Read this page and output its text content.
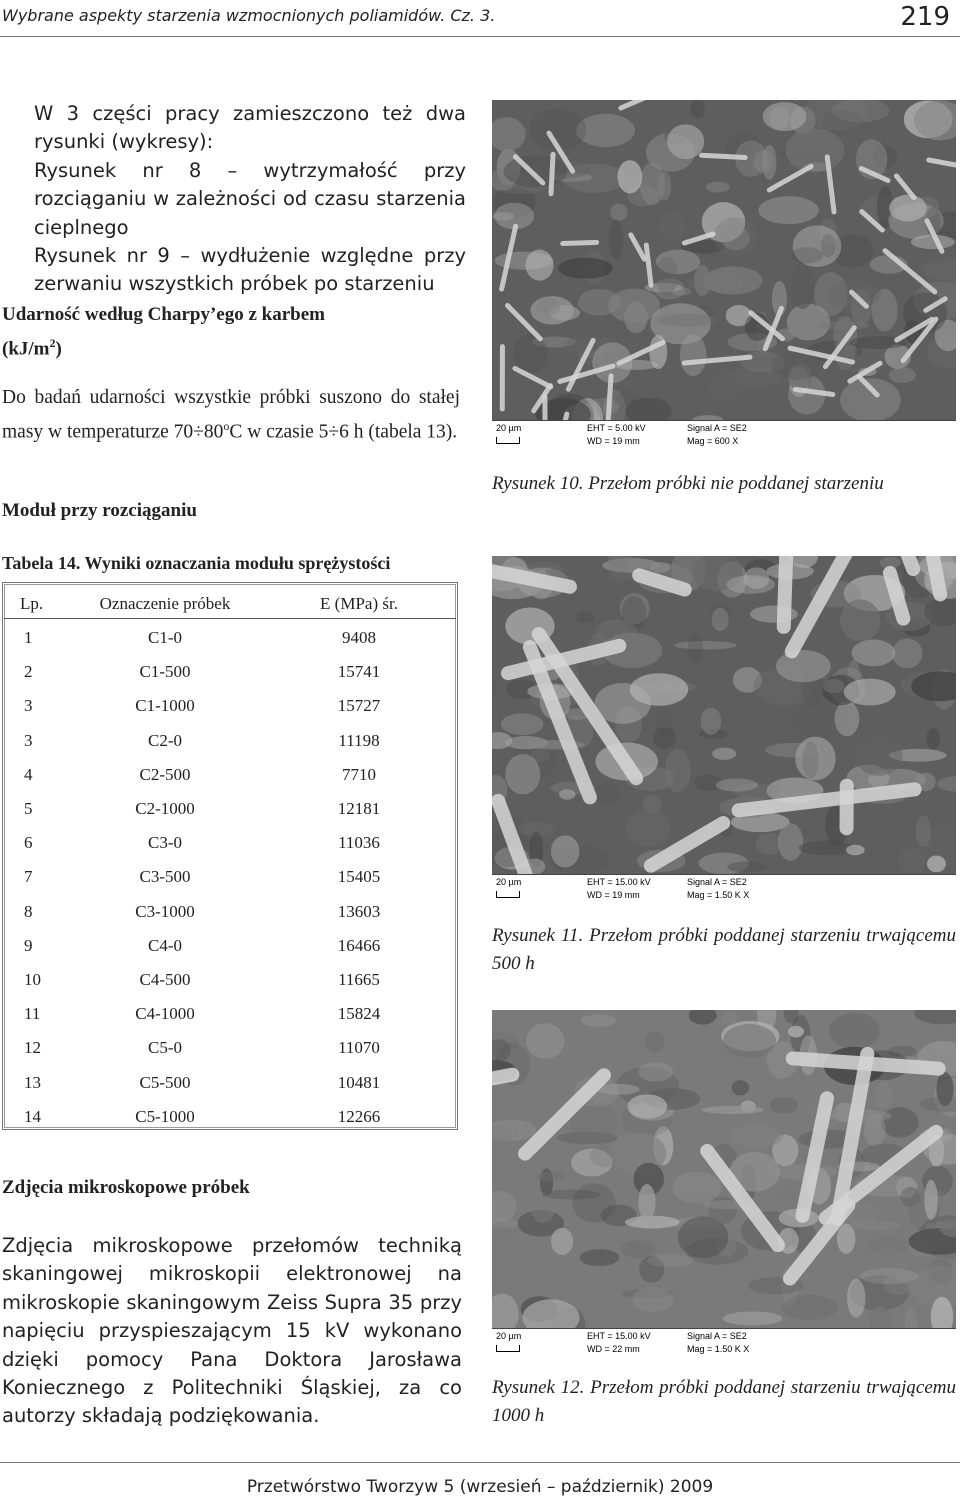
Wybrane aspekty starzenia wzmocnionych poliamidów. Cz. 3.	219
W 3 części pracy zamieszczono też dwa rysunki (wykresy):
Rysunek nr 8 – wytrzymałość przy rozciąganiu w zależności od czasu starzenia cieplnego
Rysunek nr 9 – wydłużenie względne przy zerwaniu wszystkich próbek po starzeniu
Udarność według Charpy’ego z karbem
$(kJ/m^2)$
Do badań udarności wszystkie próbki suszono do stałej masy w temperaturze $70\div 80^oC$ w czasie 5÷6 h (tabela 13).
Moduł przy rozciąganiu
Tabela 14. Wyniki oznaczania modułu sprężystości
Lp.	Oznaczenie próbek	E (MPa) śr.
1	C1-0	9408
2	C1-500	15741
3	C1-1000	15727
3	C2-0	11198
4	C2-500	7710
5	C2-1000	12181
6	C3-0	11036
7	C3-500	15405
8	C3-1000	13603
9	C4-0	16466
10	C4-500	11665
11	C4-1000	15824
12	C5-0	11070
13	C5-500	10481
14	C5-1000	12266
Zdjęcia mikroskopowe próbek
Zdjęcia mikroskopowe przełomów techniką skaningowej mikroskopii elektronowej na mikroskopie skaningowym Zeiss Supra 35 przy napięciu przyspieszającym 15 kV wykonano dzięki pomocy Pana Doktora Jarosława Koniecznego z Politechniki Śląskiej, za co autorzy składają podziękowania.
20 µm	EHT = 5.00 kV
WD = 19 mm
Signal A = SE2
Mag = 600 X
Rysunek 10. Przełom próbki nie poddanej starzeniu
20 µm	EHT = 15.00 kV
WD = 19 mm
Signal A = SE2
Mag = 1.50 K X
Rysunek 11. Przełom próbki poddanej starzeniu trwającemu 500 h
20 µm	EHT = 15.00 kV
WD = 22 mm
Signal A = SE2
Mag = 1.50 K X
Rysunek 12. Przełom próbki poddanej starzeniu trwającemu 1000 h
Przetwórstwo Tworzyw 5 (wrzesień – październik) 2009
